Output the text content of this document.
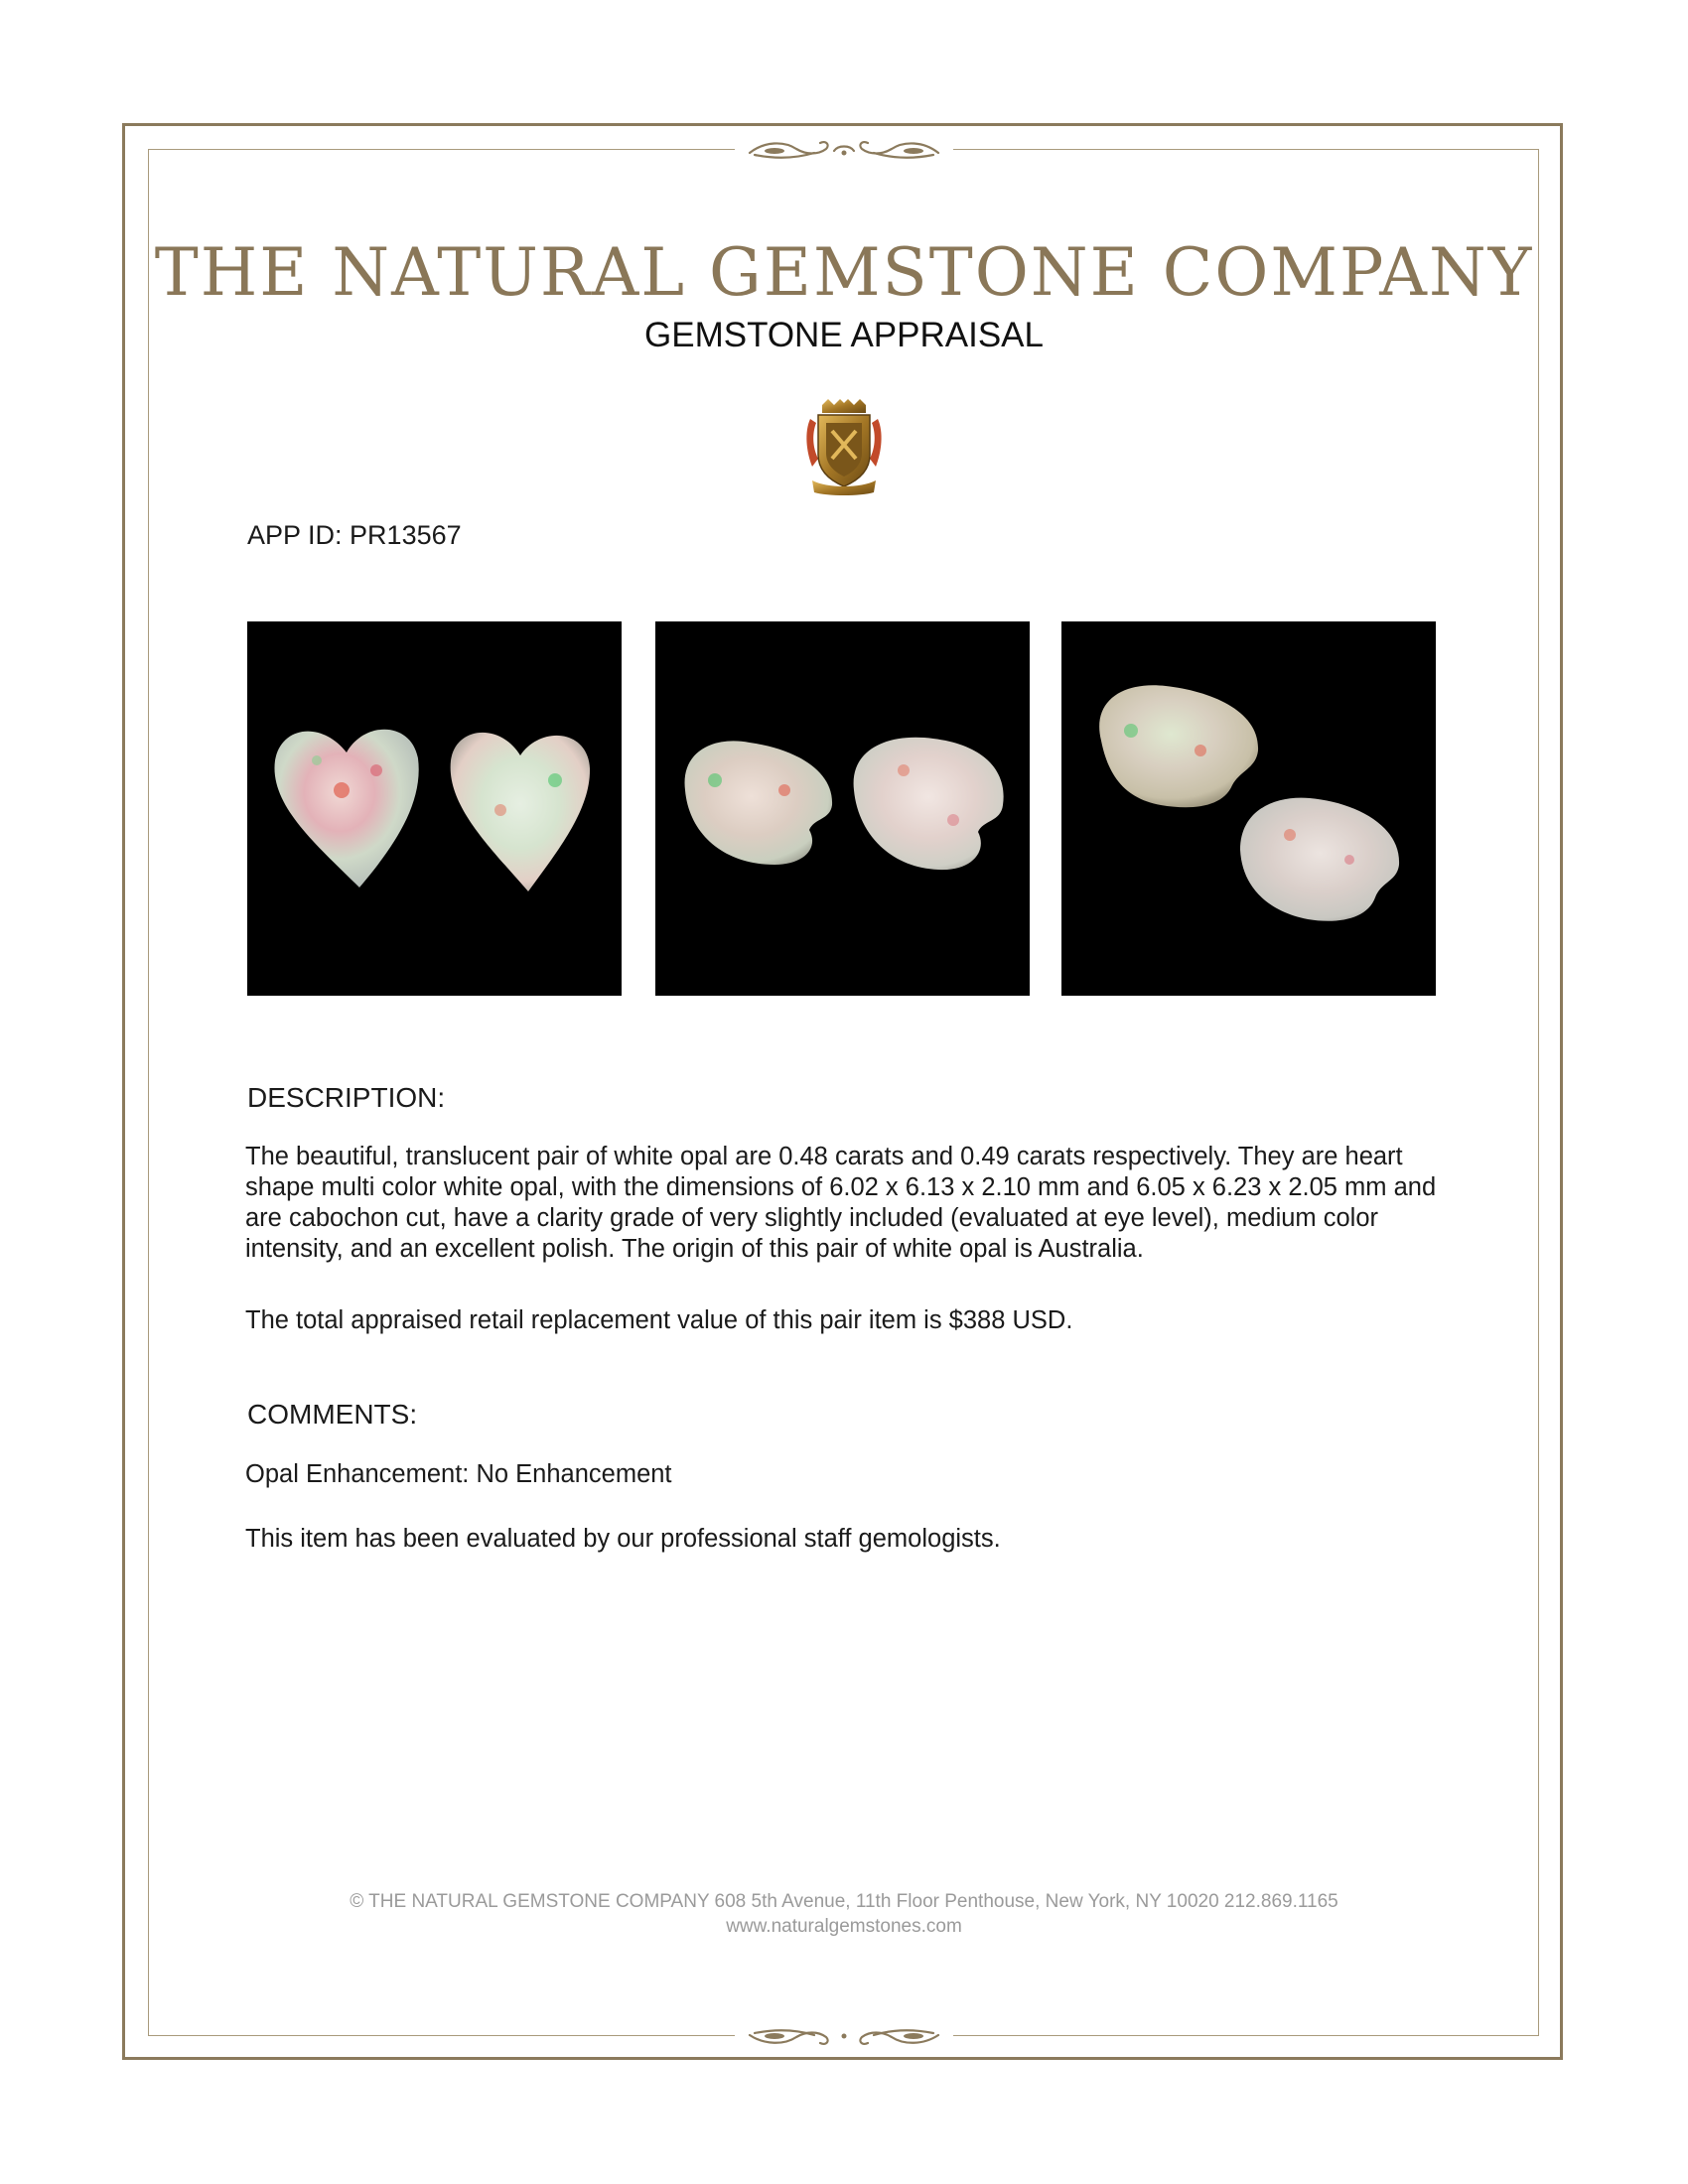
THE NATURAL GEMSTONE COMPANY
GEMSTONE APPRAISAL
APP ID: PR13567
DESCRIPTION:

The beautiful, translucent pair of white opal are 0.48 carats and 0.49 carats respectively. They are heart shape multi color white opal, with the dimensions of 6.02 x 6.13 x 2.10 mm and 6.05 x 6.23 x 2.05 mm and are cabochon cut, have a clarity grade of very slightly included (evaluated at eye level), medium color intensity, and an excellent polish. The origin of this pair of white opal is Australia.

The total appraised retail replacement value of this pair item is $388 USD.

COMMENTS:

Opal Enhancement: No Enhancement

This item has been evaluated by our professional staff gemologists.

© THE NATURAL GEMSTONE COMPANY 608 5th Avenue, 11th Floor Penthouse, New York, NY 10020 212.869.1165
www.naturalgemstones.com
